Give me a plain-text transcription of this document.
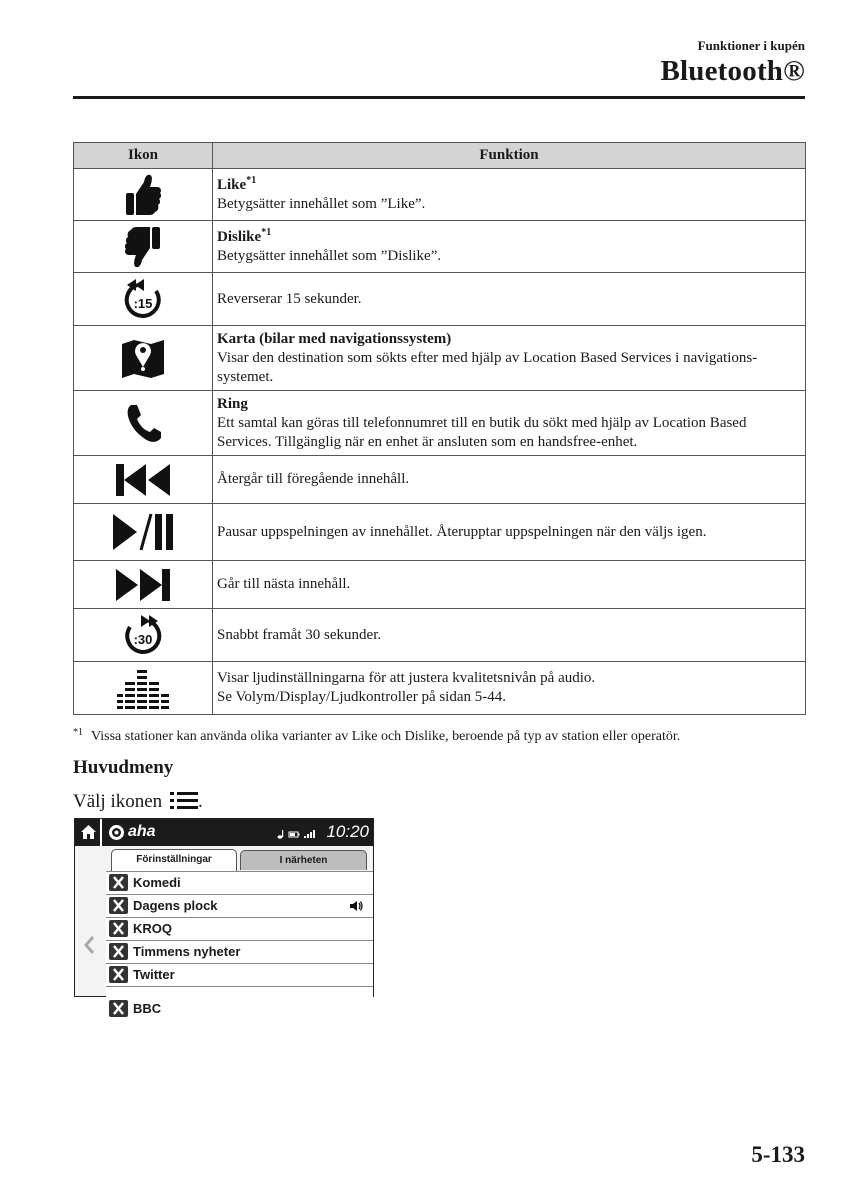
Funktioner i kupén
Bluetooth®
Ikon	Funktion

Like$^{*1}$
Betygsätter innehållet som ”Like”.

Dislike$^{*1}$
Betygsätter innehållet som ”Dislike”.

:15	Reverserar 15 sekunder.

Karta (bilar med navigationssystem)
Visar den destination som sökts efter med hjälp av Location Based Services i navigations-systemet.

Ring
Ett samtal kan göras till telefonnumret till en butik du sökt med hjälp av Location Based Services. Tillgänglig när en enhet är ansluten som en handsfree-enhet.

Återgår till föregående innehåll.

Pausar uppspelningen av innehållet. Återupptar uppspelningen när den väljs igen.

Går till nästa innehåll.

:30	Snabbt framåt 30 sekunder.

Visar ljudinställningarna för att justera kvalitetsnivån på audio.
Se Volym/Display/Ljudkontroller på sidan 5-44.
$^{*1}$ Vissa stationer kan använda olika varianter av Like och Dislike, beroende på typ av station eller operatör.
Huvudmeny
Välj ikonen .
aha	10:20
Förinställningar	I närheten
Komedi
Dagens plock
KROQ
Timmens nyheter
Twitter
BBC
5-133
